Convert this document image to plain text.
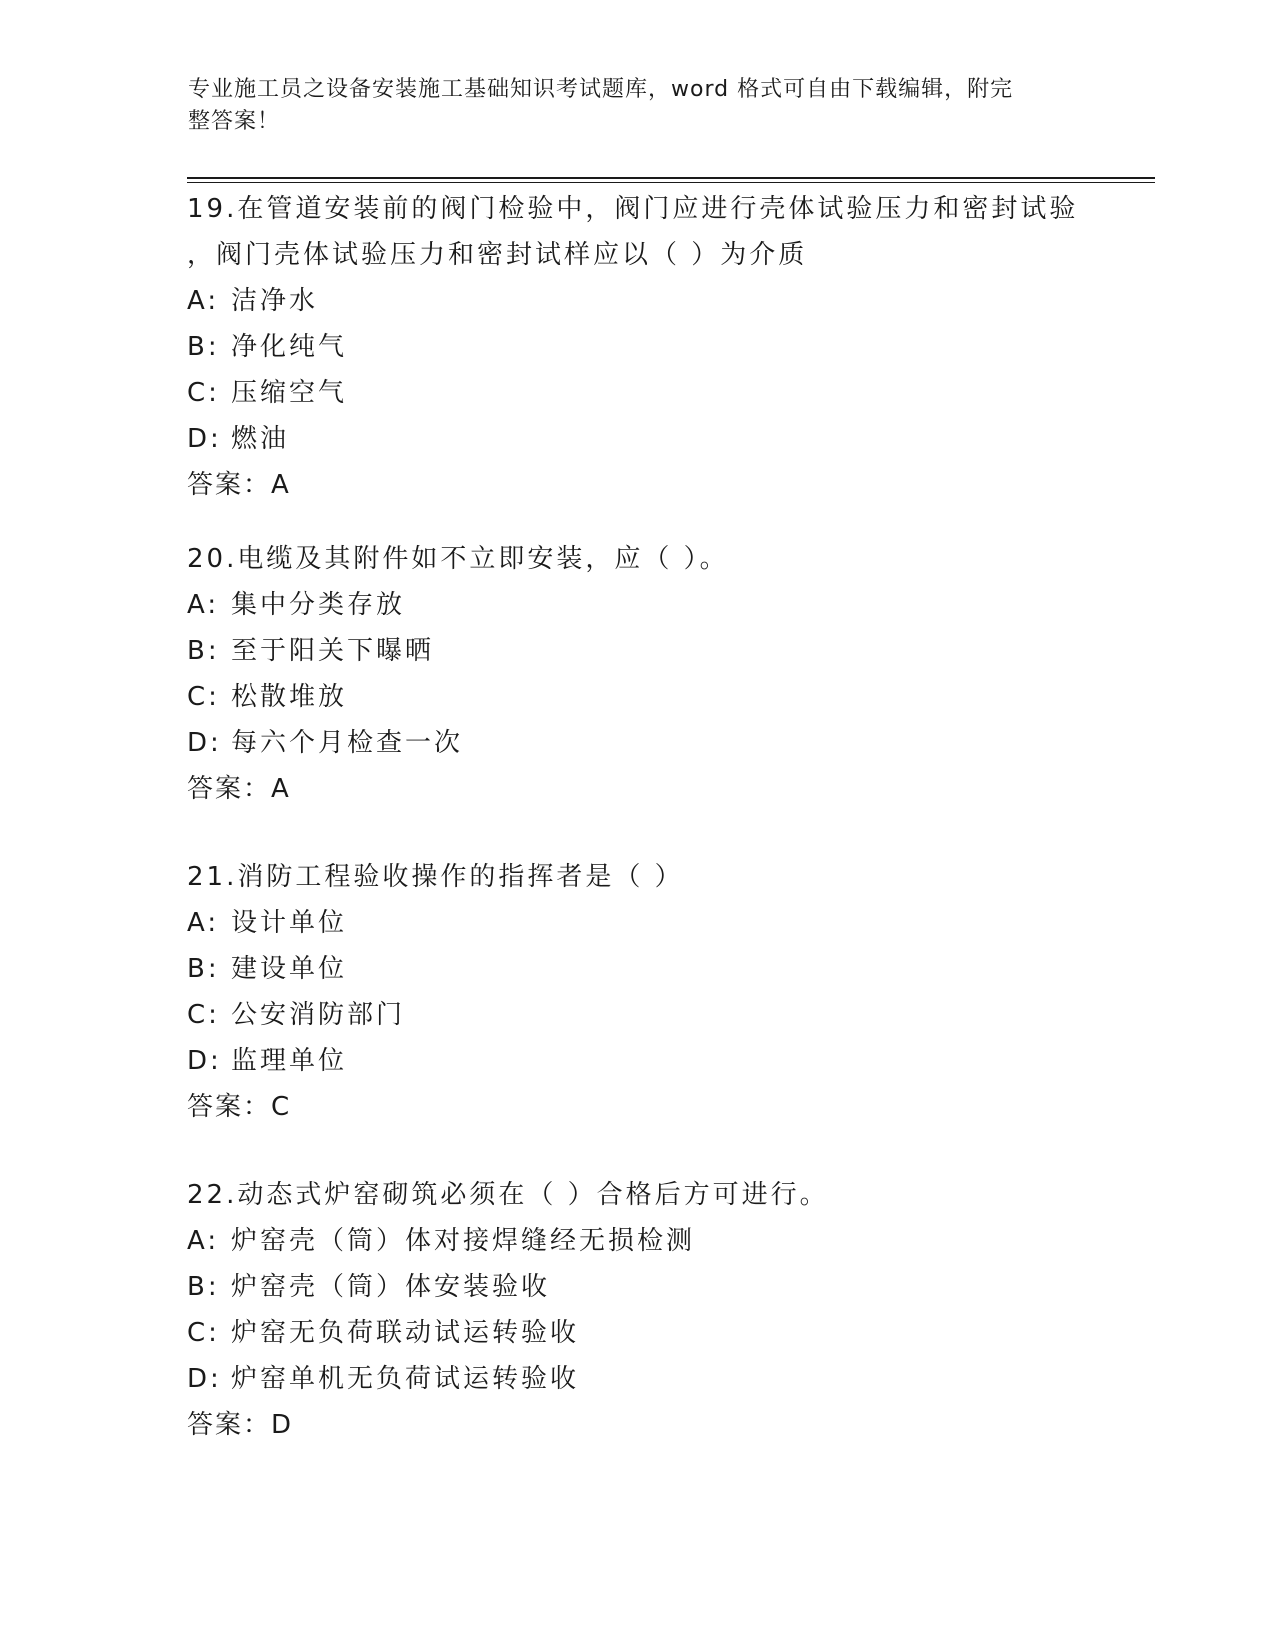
专业施工员之设备安装施工基础知识考试题库，word 格式可自由下载编辑，附完
整答案！
19.在管道安装前的阀门检验中，阀门应进行壳体试验压力和密封试验
，阀门壳体试验压力和密封试样应以（ ）为介质
A: 洁净水
B: 净化纯气
C: 压缩空气
D: 燃油
答案：A
20.电缆及其附件如不立即安装，应（ ）。
A: 集中分类存放
B: 至于阳关下曝晒
C: 松散堆放
D: 每六个月检查一次
答案：A
21.消防工程验收操作的指挥者是（ ）
A: 设计单位
B: 建设单位
C: 公安消防部门
D: 监理单位
答案：C
22.动态式炉窑砌筑必须在（ ）合格后方可进行。
A: 炉窑壳（筒）体对接焊缝经无损检测
B: 炉窑壳（筒）体安装验收
C: 炉窑无负荷联动试运转验收
D: 炉窑单机无负荷试运转验收
答案：D
